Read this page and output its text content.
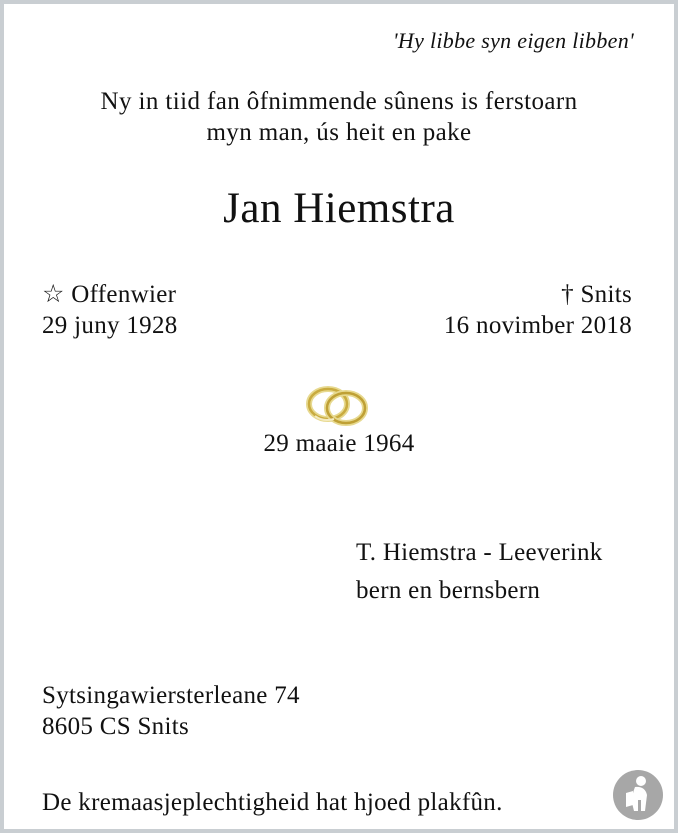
'Hy libbe syn eigen libben'
Ny in tiid fan ôfnimmende sûnens is ferstoarn
myn man, ús heit en pake
Jan Hiemstra
☆ Offenwier
29 juny 1928
† Snits
16 novimber 2018
29 maaie 1964
T. Hiemstra - Leeverink
bern en bernsbern
Sytsingawiersterleane 74
8605 CS Snits
De kremaasjeplechtigheid hat hjoed plakfûn.
